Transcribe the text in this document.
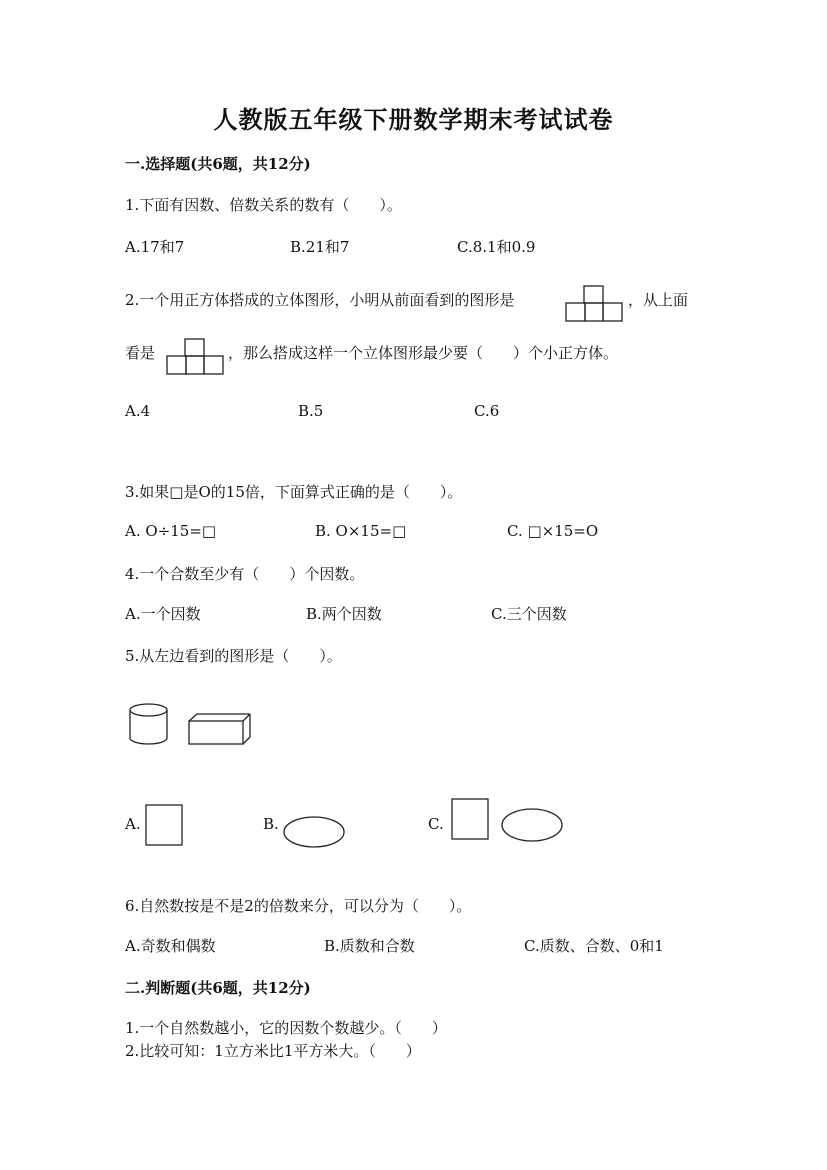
人教版五年级下册数学期末考试试卷
一.选择题(共6题，共12分)
1.下面有因数、倍数关系的数有（　　）。
A.17和7	B.21和7	C.8.1和0.9
2.一个用正方体搭成的立体图形，小明从前面看到的图形是	，从上面
看是	，那么搭成这样一个立体图形最少要（　　）个小正方体。
A.4	B.5	C.6
3.如果□是O的15倍，下面算式正确的是（　　）。
A. O÷15=□	B. O×15=□	C. □×15=O
4.一个合数至少有（　　）个因数。
A.一个因数	B.两个因数	C.三个因数
5.从左边看到的图形是（　　）。
A.	B.	C.
6.自然数按是不是2的倍数来分，可以分为（　　）。
A.奇数和偶数	B.质数和合数	C.质数、合数、0和1
二.判断题(共6题，共12分)
1.一个自然数越小，它的因数个数越少。（　　）
2.比较可知：1立方米比1平方米大。（　　）
